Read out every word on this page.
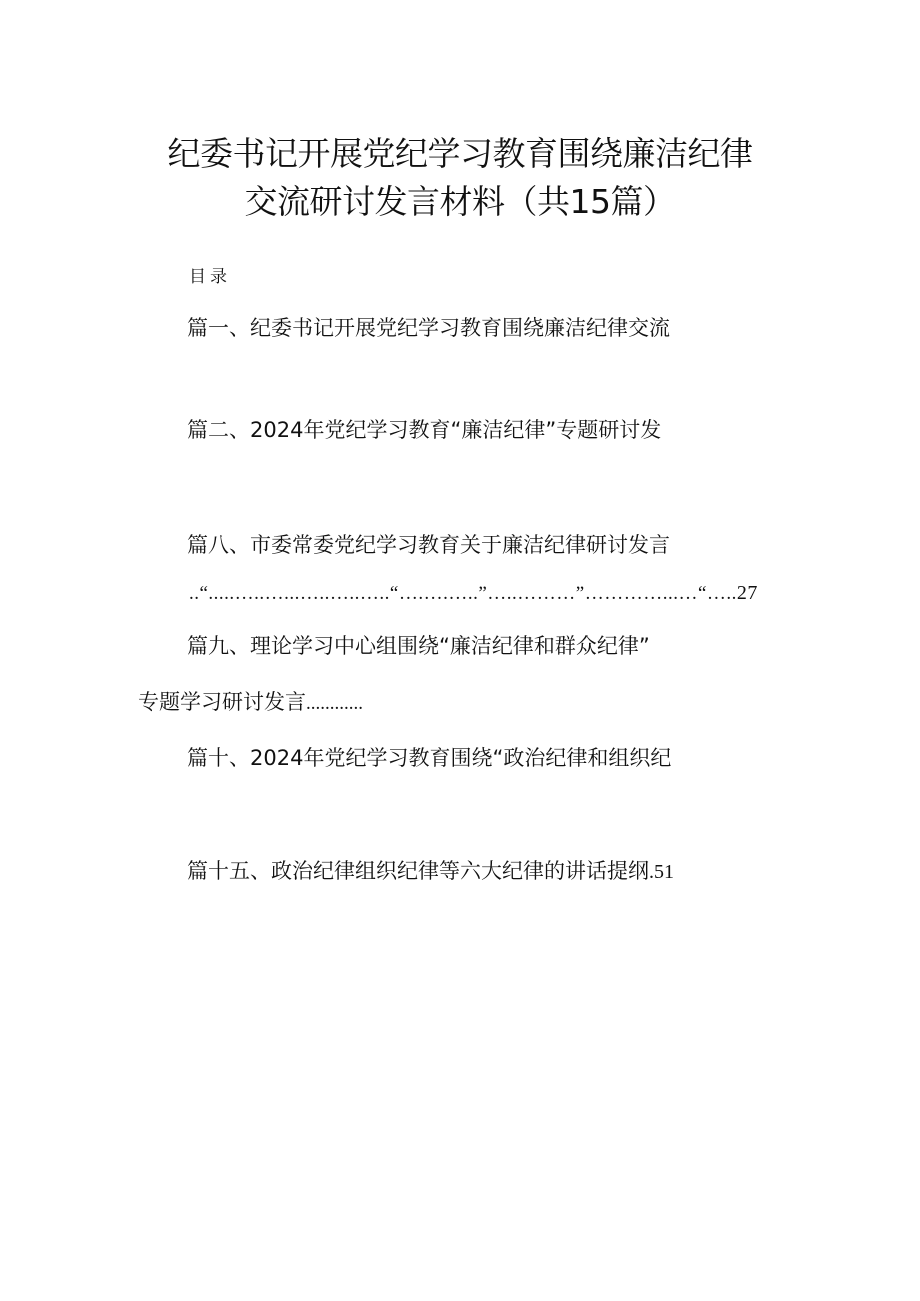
纪委书记开展党纪学习教育围绕廉洁纪律
交流研讨发言材料（共15篇）
目录
篇一、纪委书记开展党纪学习教育围绕廉洁纪律交流
篇二、2024年党纪学习教育“廉洁纪律”专题研讨发
篇八、市委常委党纪学习教育关于廉洁纪律研讨发言
..“.....…..…...…..…..…..“….….…..”…..………”…………...…“…..27
篇九、理论学习中心组围绕“廉洁纪律和群众纪律”
专题学习研讨发言............
篇十、2024年党纪学习教育围绕“政治纪律和组织纪
篇十五、政治纪律组织纪律等六大纪律的讲话提纲.51
